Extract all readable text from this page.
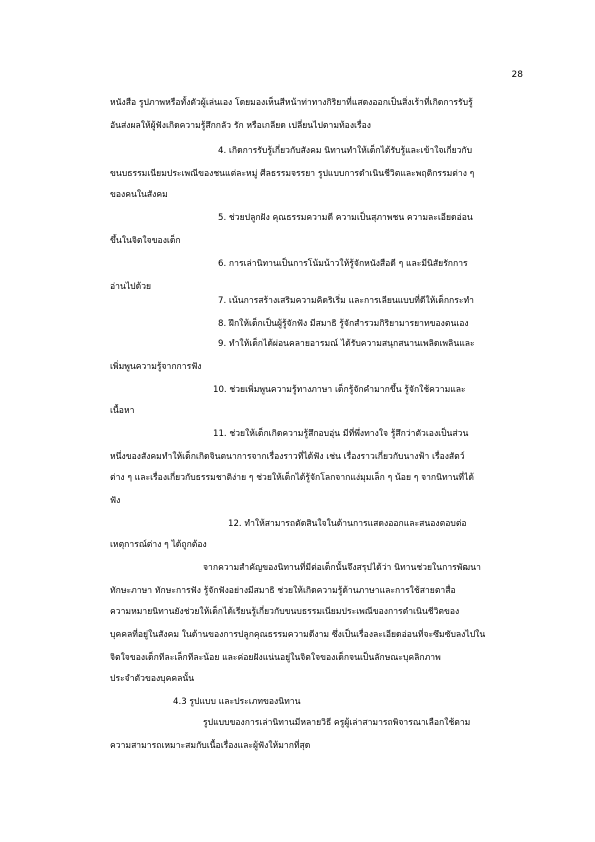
28
หนังสือ รูปภาพหรือทั้งตัวผู้เล่นเอง โดยมองเห็นสีหน้าท่าทางกิริยาที่แสดงออกเป็นสิ่งเร้าที่เกิดการรับรู้
อันส่งผลให้ผู้ฟังเกิดความรู้สึกกลัว รัก หรือเกลียด เปลี่ยนไปตามท้องเรื่อง
4. เกิดการรับรู้เกี่ยวกับสังคม นิทานทำให้เด็กได้รับรู้และเข้าใจเกี่ยวกับ
ขนบธรรมเนียมประเพณีของชนแต่ละหมู่ ศีลธรรมจรรยา รูปแบบการดำเนินชีวิตและพฤติกรรมต่าง ๆ
ของคนในสังคม
5. ช่วยปลูกฝัง คุณธรรมความดี ความเป็นสุภาพชน ความละเอียดอ่อน
ขึ้นในจิตใจของเด็ก
6. การเล่านิทานเป็นการโน้มน้าวให้รู้จักหนังสือดี ๆ และมีนิสัยรักการ
อ่านไปด้วย
7. เน้นการสร้างเสริมความคิดริเริ่ม และการเลียนแบบที่ดีให้เด็กกระทำ
8. ฝึกให้เด็กเป็นผู้รู้จักฟัง มีสมาธิ รู้จักสำรวมกิริยามารยาทของตนเอง
9. ทำให้เด็กได้ผ่อนคลายอารมณ์ ได้รับความสนุกสนานเพลิดเพลินและ
เพิ่มพูนความรู้จากการฟัง
10. ช่วยเพิ่มพูนความรู้ทางภาษา เด็กรู้จักคำมากขึ้น รู้จักใช้ความและ
เนื้อหา
11. ช่วยให้เด็กเกิดความรู้สึกอบอุ่น มีที่พึ่งทางใจ รู้สึกว่าตัวเองเป็นส่วน
หนึ่งของสังคมทำให้เด็กเกิดจินตนาการจากเรื่องราวที่ได้ฟัง เช่น เรื่องราวเกี่ยวกับนางฟ้า เรื่องสัตว์
ต่าง ๆ และเรื่องเกี่ยวกับธรรมชาติง่าย ๆ ช่วยให้เด็กได้รู้จักโลกจากแง่มุมเล็ก ๆ น้อย ๆ จากนิทานที่ได้
ฟัง
12. ทำให้สามารถตัดสินใจในด้านการแสดงออกและสนองตอบต่อ
เหตุการณ์ต่าง ๆ ได้ถูกต้อง
จากความสำคัญของนิทานที่มีต่อเด็กนั้นจึงสรุปได้ว่า นิทานช่วยในการพัฒนา
ทักษะภาษา ทักษะการฟัง รู้จักฟังอย่างมีสมาธิ ช่วยให้เกิดความรู้ด้านภาษาและการใช้สายตาสื่อ
ความหมายนิทานยังช่วยให้เด็กได้เรียนรู้เกี่ยวกับขนบธรรมเนียมประเพณีของการดำเนินชีวิตของ
บุคคลที่อยู่ในสังคม ในด้านของการปลูกคุณธรรมความดีงาม ซึ่งเป็นเรื่องละเอียดอ่อนที่จะซึมซับลงไปใน
จิตใจของเด็กทีละเล็กทีละน้อย และค่อยฝังแน่นอยู่ในจิตใจของเด็กจนเป็นลักษณะบุคลิกภาพ
ประจำตัวของบุคคลนั้น
4.3 รูปแบบ และประเภทของนิทาน
รูปแบบของการเล่านิทานมีหลายวิธี ครูผู้เล่าสามารถพิจารณาเลือกใช้ตาม
ความสามารถเหมาะสมกับเนื้อเรื่องและผู้ฟังให้มากที่สุด
